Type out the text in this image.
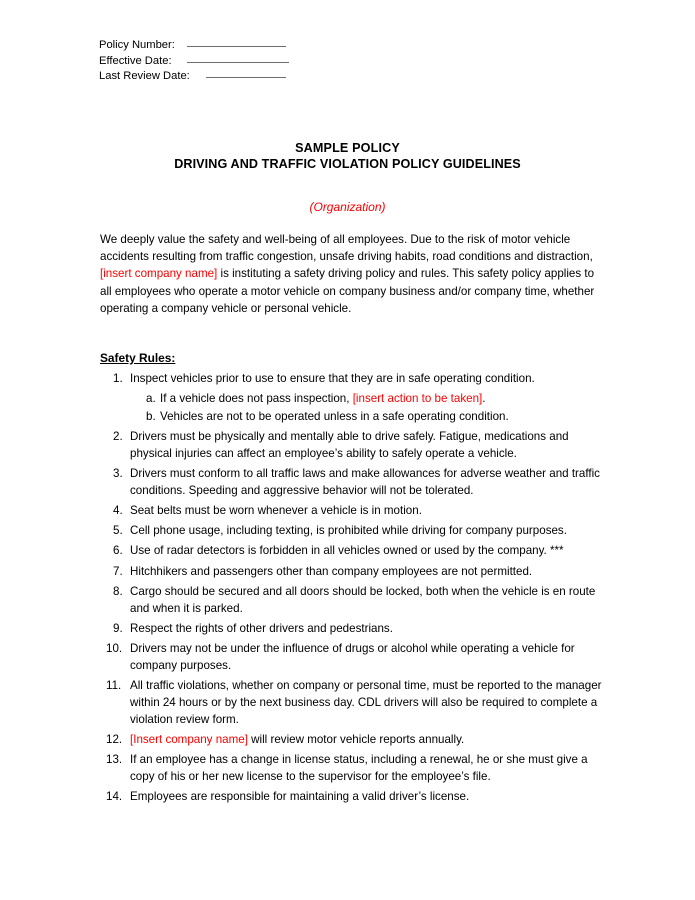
Policy Number:
Effective Date:
Last Review Date:
SAMPLE POLICY
DRIVING AND TRAFFIC VIOLATION POLICY GUIDELINES
(Organization)
We deeply value the safety and well-being of all employees. Due to the risk of motor vehicle accidents resulting from traffic congestion, unsafe driving habits, road conditions and distraction, [insert company name] is instituting a safety driving policy and rules. This safety policy applies to all employees who operate a motor vehicle on company business and/or company time, whether operating a company vehicle or personal vehicle.
Safety Rules:
1. Inspect vehicles prior to use to ensure that they are in safe operating condition.
a. If a vehicle does not pass inspection, [insert action to be taken].
b. Vehicles are not to be operated unless in a safe operating condition.
2. Drivers must be physically and mentally able to drive safely. Fatigue, medications and physical injuries can affect an employee’s ability to safely operate a vehicle.
3. Drivers must conform to all traffic laws and make allowances for adverse weather and traffic conditions. Speeding and aggressive behavior will not be tolerated.
4. Seat belts must be worn whenever a vehicle is in motion.
5. Cell phone usage, including texting, is prohibited while driving for company purposes.
6. Use of radar detectors is forbidden in all vehicles owned or used by the company. ***
7. Hitchhikers and passengers other than company employees are not permitted.
8. Cargo should be secured and all doors should be locked, both when the vehicle is en route and when it is parked.
9. Respect the rights of other drivers and pedestrians.
10. Drivers may not be under the influence of drugs or alcohol while operating a vehicle for company purposes.
11. All traffic violations, whether on company or personal time, must be reported to the manager within 24 hours or by the next business day. CDL drivers will also be required to complete a violation review form.
12. [Insert company name] will review motor vehicle reports annually.
13. If an employee has a change in license status, including a renewal, he or she must give a copy of his or her new license to the supervisor for the employee’s file.
14. Employees are responsible for maintaining a valid driver’s license.
